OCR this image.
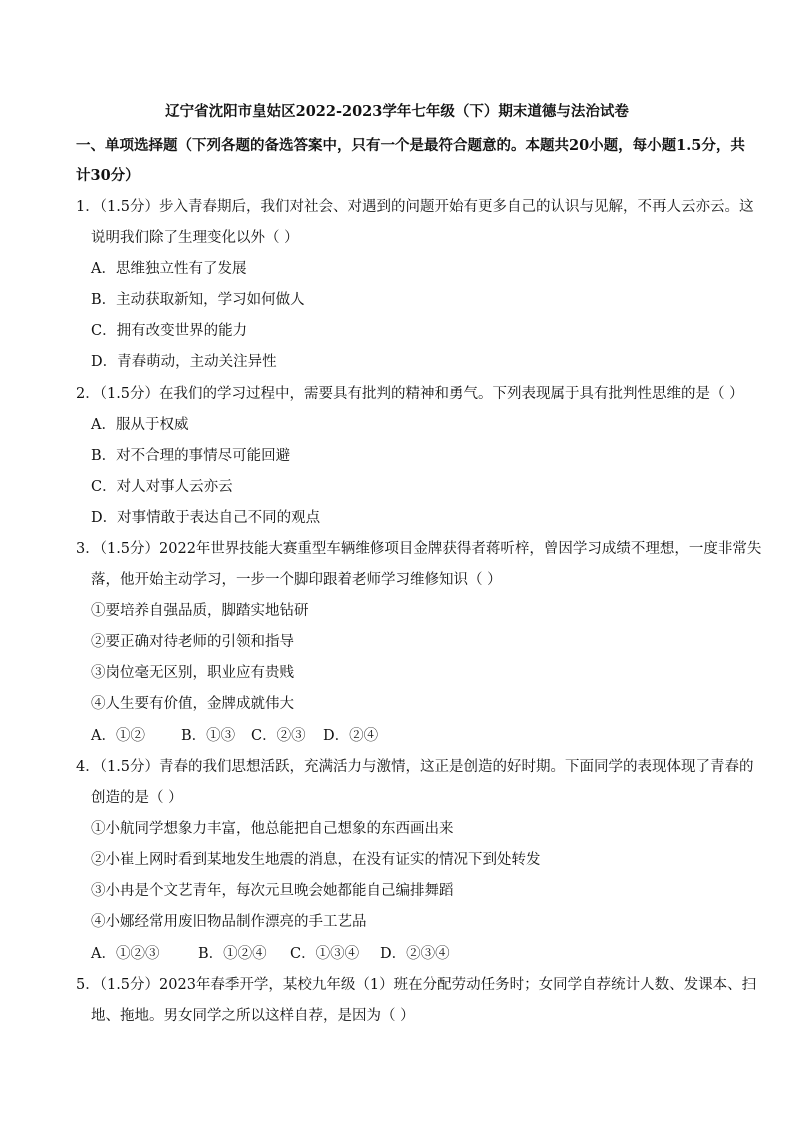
辽宁省沈阳市皇姑区2022-2023学年七年级（下）期末道德与法治试卷
一、单项选择题（下列各题的备选答案中，只有一个是最符合题意的。本题共20小题，每小题1.5分，共
计30分）
1．（1.5分）步入青春期后，我们对社会、对遇到的问题开始有更多自己的认识与见解，不再人云亦云。这
说明我们除了生理变化以外（ ）
A．思维独立性有了发展
B．主动获取新知，学习如何做人
C．拥有改变世界的能力
D．青春萌动，主动关注异性
2．（1.5分）在我们的学习过程中，需要具有批判的精神和勇气。下列表现属于具有批判性思维的是（ ）
A．服从于权威
B．对不合理的事情尽可能回避
C．对人对事人云亦云
D．对事情敢于表达自己不同的观点
3．（1.5分）2022年世界技能大赛重型车辆维修项目金牌获得者蒋听梓，曾因学习成绩不理想，一度非常失
落，他开始主动学习，一步一个脚印跟着老师学习维修知识（ ）
①要培养自强品质，脚踏实地钻研
②要正确对待老师的引领和指导
③岗位毫无区别，职业应有贵贱
④人生要有价值，金牌成就伟大
A．①② B．①③ C．②③ D．②④
4．（1.5分）青春的我们思想活跃，充满活力与激情，这正是创造的好时期。下面同学的表现体现了青春的
创造的是（ ）
①小航同学想象力丰富，他总能把自己想象的东西画出来
②小崔上网时看到某地发生地震的消息，在没有证实的情况下到处转发
③小冉是个文艺青年，每次元旦晚会她都能自己编排舞蹈
④小娜经常用废旧物品制作漂亮的手工艺品
A．①②③	B．①②④ C．①③④ D．②③④
5．（1.5分）2023年春季开学，某校九年级（1）班在分配劳动任务时；女同学自荐统计人数、发课本、扫
地、拖地。男女同学之所以这样自荐，是因为（ ）
